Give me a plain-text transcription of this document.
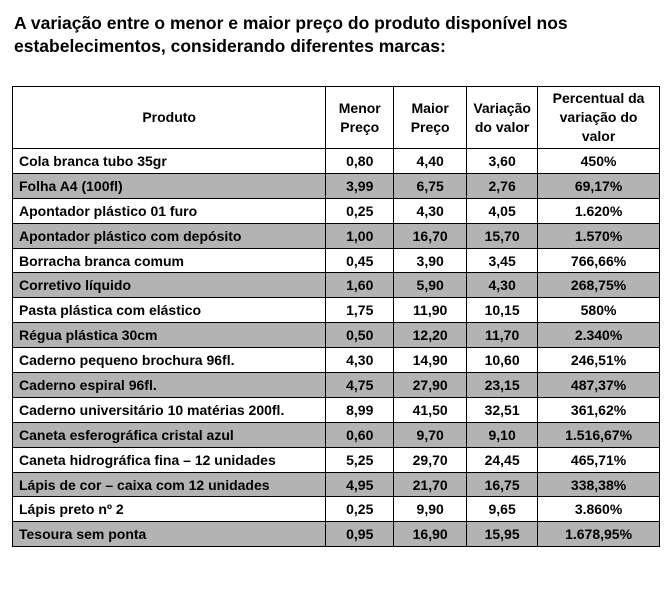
A variação entre o menor e maior preço do produto disponível nos estabelecimentos, considerando diferentes marcas:

Produto	Menor Preço	Maior Preço	Variação do valor	Percentual da variação do valor
Cola branca tubo 35gr	0,80	4,40	3,60	450%
Folha A4 (100fl)	3,99	6,75	2,76	69,17%
Apontador plástico 01 furo	0,25	4,30	4,05	1.620%
Apontador plástico com depósito	1,00	16,70	15,70	1.570%
Borracha branca comum	0,45	3,90	3,45	766,66%
Corretivo líquido	1,60	5,90	4,30	268,75%
Pasta plástica com elástico	1,75	11,90	10,15	580%
Régua plástica 30cm	0,50	12,20	11,70	2.340%
Caderno pequeno brochura 96fl.	4,30	14,90	10,60	246,51%
Caderno espiral 96fl.	4,75	27,90	23,15	487,37%
Caderno universitário 10 matérias 200fl.	8,99	41,50	32,51	361,62%
Caneta esferográfica cristal azul	0,60	9,70	9,10	1.516,67%
Caneta hidrográfica fina – 12 unidades	5,25	29,70	24,45	465,71%
Lápis de cor – caixa com 12 unidades	4,95	21,70	16,75	338,38%
Lápis preto nº 2	0,25	9,90	9,65	3.860%
Tesoura sem ponta	0,95	16,90	15,95	1.678,95%
